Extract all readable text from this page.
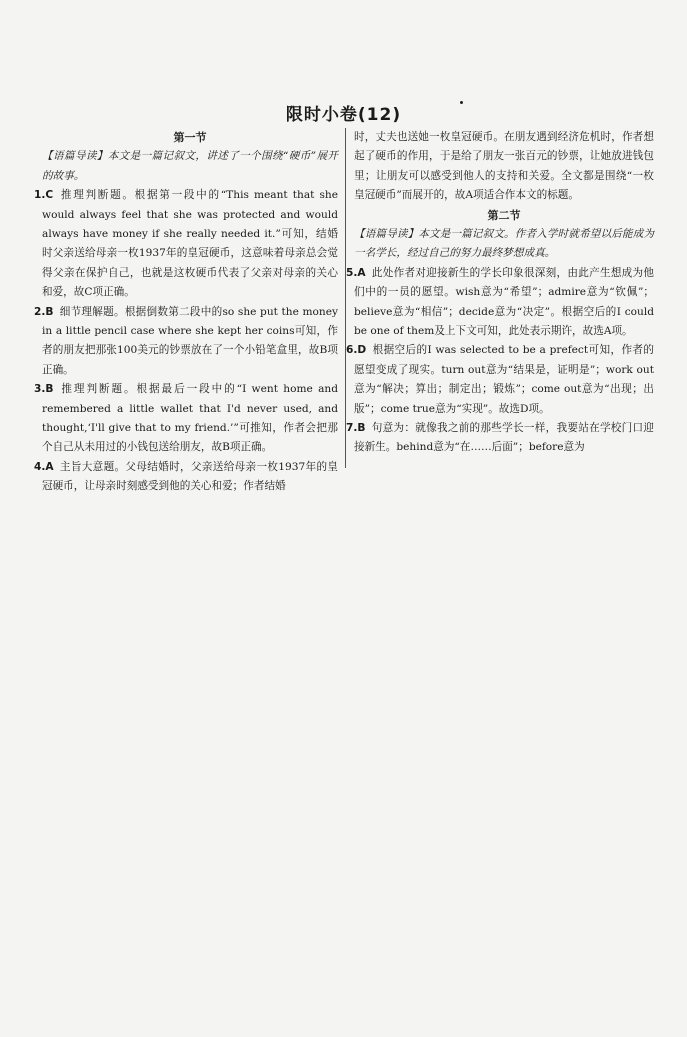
限时小卷(12)

第一节

【语篇导读】本文是一篇记叙文，讲述了一个围绕“硬币”展开的故事。

1.C 推理判断题。根据第一段中的“This meant that she would always feel that she was protected and would always have money if she really needed it.”可知，结婚时父亲送给母亲一枚1937年的皇冠硬币，这意味着母亲总会觉得父亲在保护自己，也就是这枚硬币代表了父亲对母亲的关心和爱，故C项正确。
2.B 细节理解题。根据倒数第二段中的so she put the money in a little pencil case where she kept her coins可知，作者的朋友把那张100美元的钞票放在了一个小铅笔盒里，故B项正确。
3.B 推理判断题。根据最后一段中的“I went home and remembered a little wallet that I'd never used, and thought,‘I'll give that to my friend.’”可推知，作者会把那个自己从未用过的小钱包送给朋友，故B项正确。
4.A 主旨大意题。父母结婚时，父亲送给母亲一枚1937年的皇冠硬币，让母亲时刻感受到他的关心和爱；作者结婚

时，丈夫也送她一枚皇冠硬币。在朋友遇到经济危机时，作者想起了硬币的作用，于是给了朋友一张百元的钞票，让她放进钱包里；让朋友可以感受到他人的支持和关爱。全文都是围绕“一枚皇冠硬币”而展开的，故A项适合作本文的标题。

第二节

【语篇导读】本文是一篇记叙文。作者入学时就希望以后能成为一名学长，经过自己的努力最终梦想成真。

5.A 此处作者对迎接新生的学长印象很深刻，由此产生想成为他们中的一员的愿望。wish意为“希望”；admire意为“钦佩”；believe意为“相信”；decide意为“决定”。根据空后的I could be one of them及上下文可知，此处表示期许，故选A项。
6.D 根据空后的I was selected to be a prefect可知，作者的愿望变成了现实。turn out意为“结果是，证明是”；work out意为“解决；算出；制定出；锻炼”；come out意为“出现；出版”；come true意为“实现”。故选D项。
7.B 句意为：就像我之前的那些学长一样，我要站在学校门口迎接新生。behind意为“在……后面”；before意为
